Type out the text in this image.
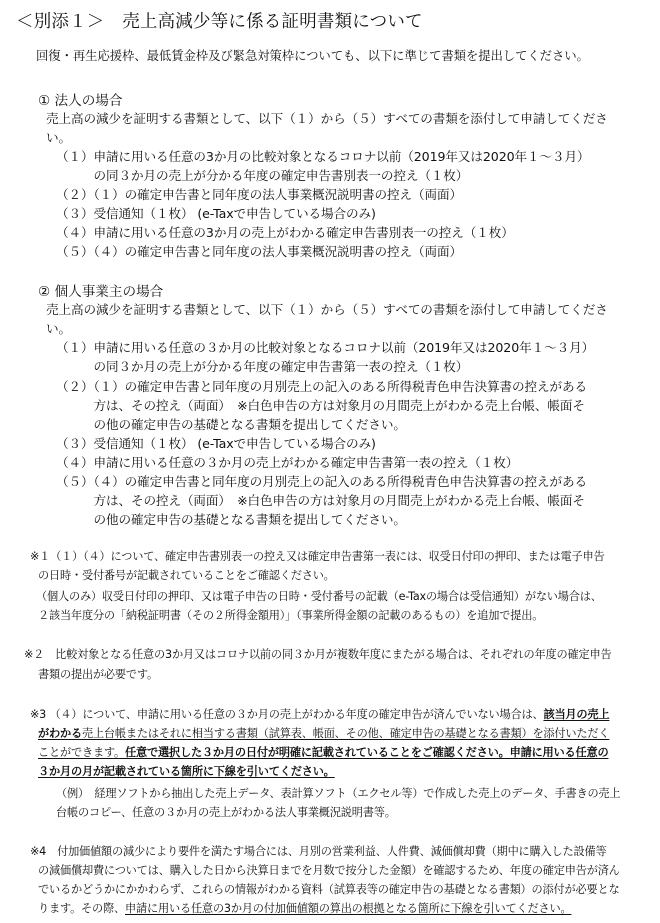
＜別添１＞　売上高減少等に係る証明書類について
回復・再生応援枠、最低賃金枠及び緊急対策枠についても、以下に準じて書類を提出してください。
① 法人の場合
売上高の減少を証明する書類として、以下（１）から（５）すべての書類を添付して申請してくださ
い。
（１）申請に用いる任意の3か月の比較対象となるコロナ以前（2019年又は2020年１～３月）
　　　の同３か月の売上が分かる年度の確定申告書別表一の控え（１枚）
（２）（１）の確定申告書と同年度の法人事業概況説明書の控え（両面）
（３）受信通知（１枚） (e-Taxで申告している場合のみ)
（４）申請に用いる任意の3か月の売上がわかる確定申告書別表一の控え（１枚）
（５）（４）の確定申告書と同年度の法人事業概況説明書の控え（両面）
② 個人事業主の場合
売上高の減少を証明する書類として、以下（１）から（５）すべての書類を添付して申請してくださ
い。
（１）申請に用いる任意の３か月の比較対象となるコロナ以前（2019年又は2020年１～３月）
　　　の同３か月の売上が分かる年度の確定申告書第一表の控え（１枚）
（２）（１）の確定申告書と同年度の月別売上の記入のある所得税青色申告決算書の控えがある
　　　方は、その控え（両面）　※白色申告の方は対象月の月間売上がわかる売上台帳、帳面そ
　　　の他の確定申告の基礎となる書類を提出してください。
（３）受信通知（１枚） (e-Taxで申告している場合のみ)
（４）申請に用いる任意の３か月の売上がわかる確定申告書第一表の控え（１枚）
（５）（４）の確定申告書と同年度の月別売上の記入のある所得税青色申告決算書の控えがある
　　　方は、その控え（両面）　※白色申告の方は対象月の月間売上がわかる売上台帳、帳面そ
　　　の他の確定申告の基礎となる書類を提出してください。
※１（１）（４）について、確定申告書別表一の控え又は確定申告書第一表には、収受日付印の押印、または電子申告
の日時・受付番号が記載されていることをご確認ください。
（個人のみ）収受日付印の押印、又は電子申告の日時・受付番号の記載（e-Taxの場合は受信通知）がない場合は、
２該当年度分の「納税証明書（その２所得金額用）」（事業所得金額の記載のあるもの）を追加で提出。
※２　比較対象となる任意の3か月又はコロナ以前の同３か月が複数年度にまたがる場合は、それぞれの年度の確定申告
書類の提出が必要です。
※3 （４）について、申請に用いる任意の３か月の売上がわかる年度の確定申告が済んでいない場合は、該当月の売上
がわかる売上台帳またはそれに相当する書類（試算表、帳面、その他、確定申告の基礎となる書類）を添付いただく
ことができます。任意で選択した３か月の日付が明確に記載されていることをご確認ください。申請に用いる任意の
３か月の月が記載されている箇所に下線を引いてください。
（例）　経理ソフトから抽出した売上データ、表計算ソフト（エクセル等）で作成した売上のデータ、手書きの売上
台帳のコピー、任意の３か月の売上がわかる法人事業概況説明書等。
※4　付加価値額の減少により要件を満たす場合には、月別の営業利益、人件費、減価償却費（期中に購入した設備等
の減価償却費については、購入した日から決算日までを月数で按分した金額）を確認するため、年度の確定申告が済ん
でいるかどうかにかかわらず、これらの情報がわかる資料（試算表等の確定申告の基礎となる書類）の添付が必要とな
ります。その際、申請に用いる任意の3か月の付加価値額の算出の根拠となる箇所に下線を引いてください。
